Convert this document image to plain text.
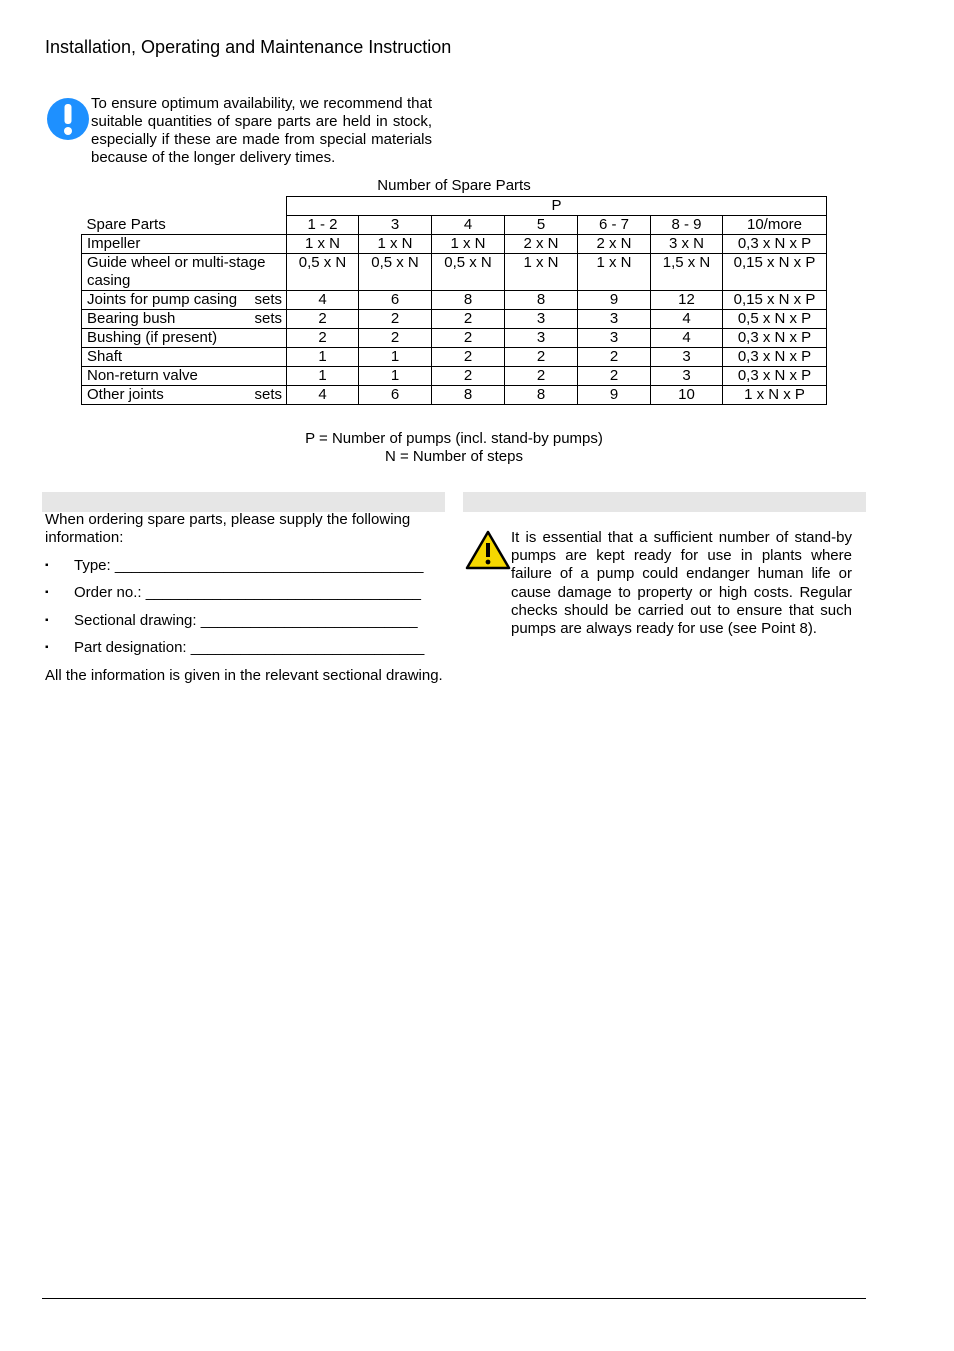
Installation, Operating and Maintenance Instruction
To ensure optimum availability, we recommend that suitable quantities of spare parts are held in stock, especially if these are made from special materials because of the longer delivery times.
Number of Spare Parts
	P						
Spare Parts	1 - 2	3	4	5	6 - 7	8 - 9	10/more
Impeller	1 x N	1 x N	1 x N	2 x N	2 x N	3 x N	0,3 x N x P
Guide wheel or multi-stage casing	0,5 x N	0,5 x N	0,5 x N	1 x N	1 x N	1,5 x N	0,15 x N x P
Joints for pump casing sets	4	6	8	8	9	12	0,15 x N x P
Bearing bush sets	2	2	2	3	3	4	0,5 x N x P
Bushing (if present)	2	2	2	3	3	4	0,3 x N x P
Shaft	1	1	2	2	2	3	0,3 x N x P
Non-return valve	1	1	2	2	2	3	0,3 x N x P
Other joints sets	4	6	8	8	9	10	1 x N x P
P = Number of pumps (incl. stand-by pumps)
N = Number of steps
When ordering spare parts, please supply the following information:
▪ Type: _____________________________________
▪ Order no.: _________________________________
▪ Sectional drawing: __________________________
▪ Part designation: ____________________________
All the information is given in the relevant sectional drawing.
It is essential that a sufficient number of stand-by pumps are kept ready for use in plants where failure of a pump could endanger human life or cause damage to property or high costs. Regular checks should be carried out to ensure that such pumps are always ready for use (see Point 8).
